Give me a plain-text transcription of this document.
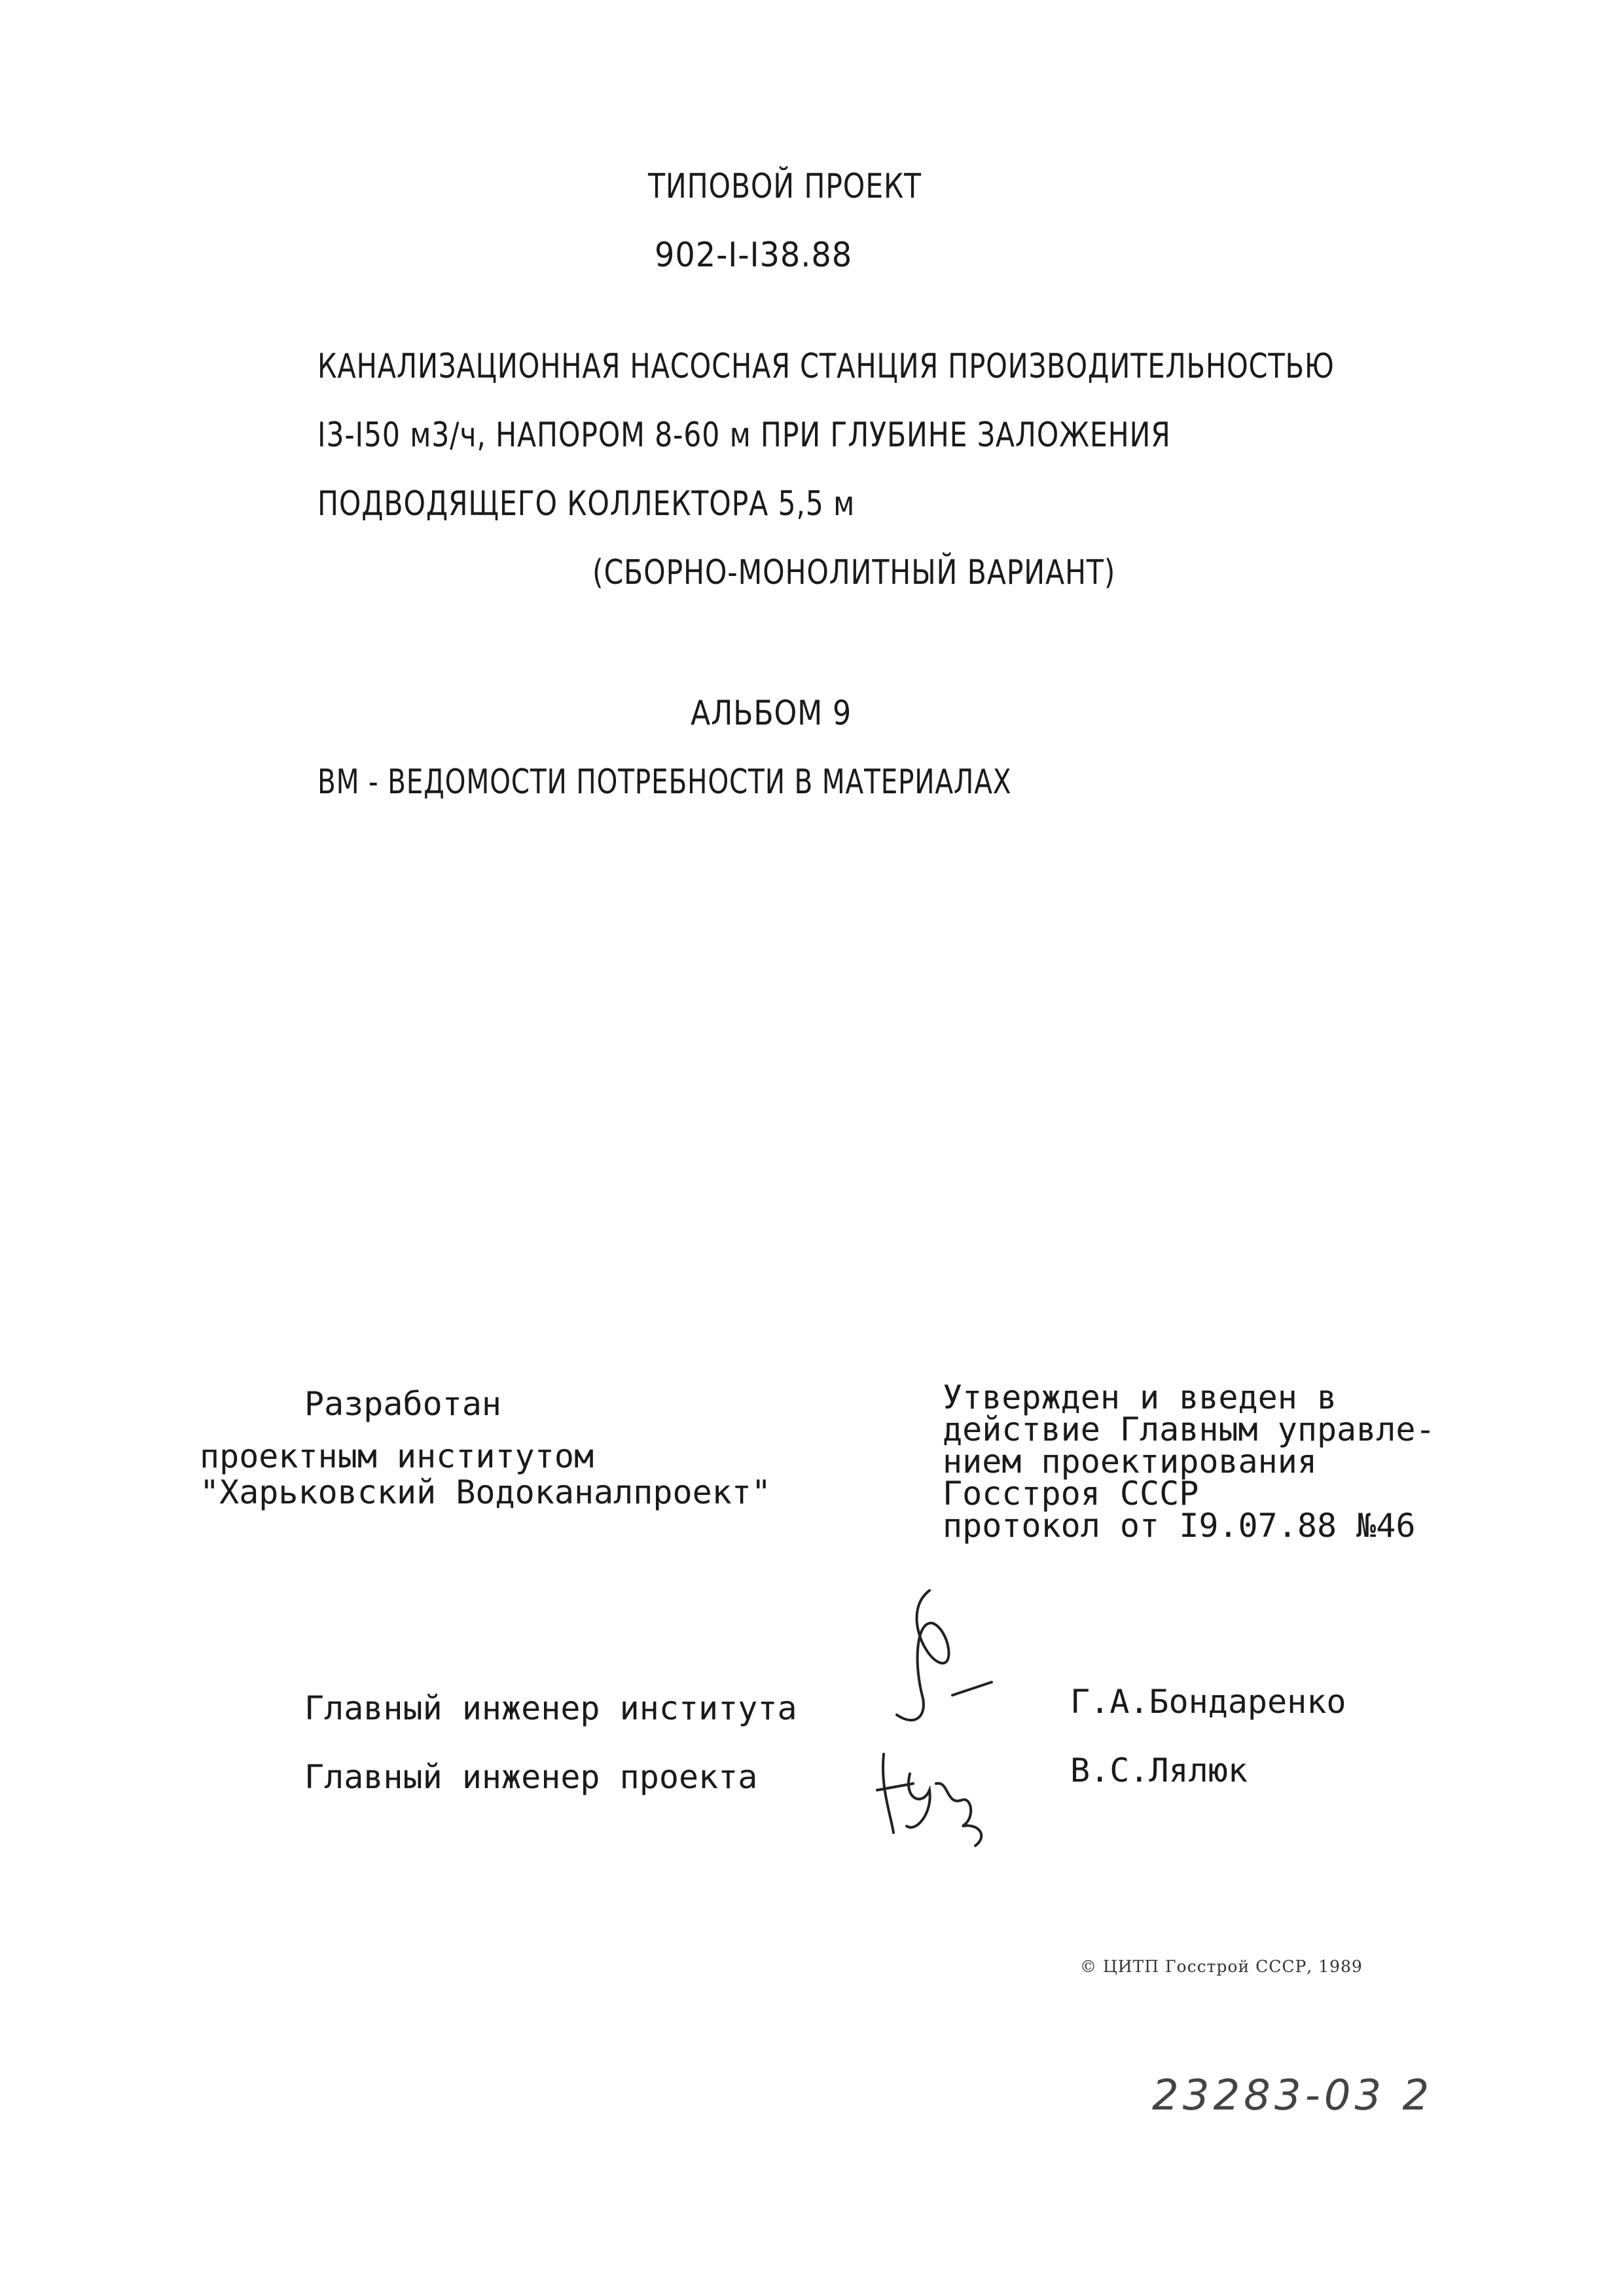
ТИПОВОЙ ПРОЕКТ
902-I-I38.88
КАНАЛИЗАЦИОННАЯ НАСОСНАЯ СТАНЦИЯ ПРОИЗВОДИТЕЛЬНОСТЬЮ
I3-I50 м3/ч, НАПОРОМ 8-60 м ПРИ ГЛУБИНЕ ЗАЛОЖЕНИЯ
ПОДВОДЯЩЕГО КОЛЛЕКТОРА 5,5 м
(СБОРНО-МОНОЛИТНЫЙ ВАРИАНТ)
АЛЬБОМ 9
ВМ - ВЕДОМОСТИ ПОТРЕБНОСТИ В МАТЕРИАЛАХ
Разработан
проектным институтом
"Харьковский Водоканалпроект"
Утвержден и введен в
действие Главным управле-
нием проектирования
Госстроя СССР
протокол от I9.07.88 №46
Главный инженер института
Главный инженер проекта
Г.А.Бондаренко
В.С.Лялюк
© ЦИТП Госстрой СССР, 1989
23283-03 2
